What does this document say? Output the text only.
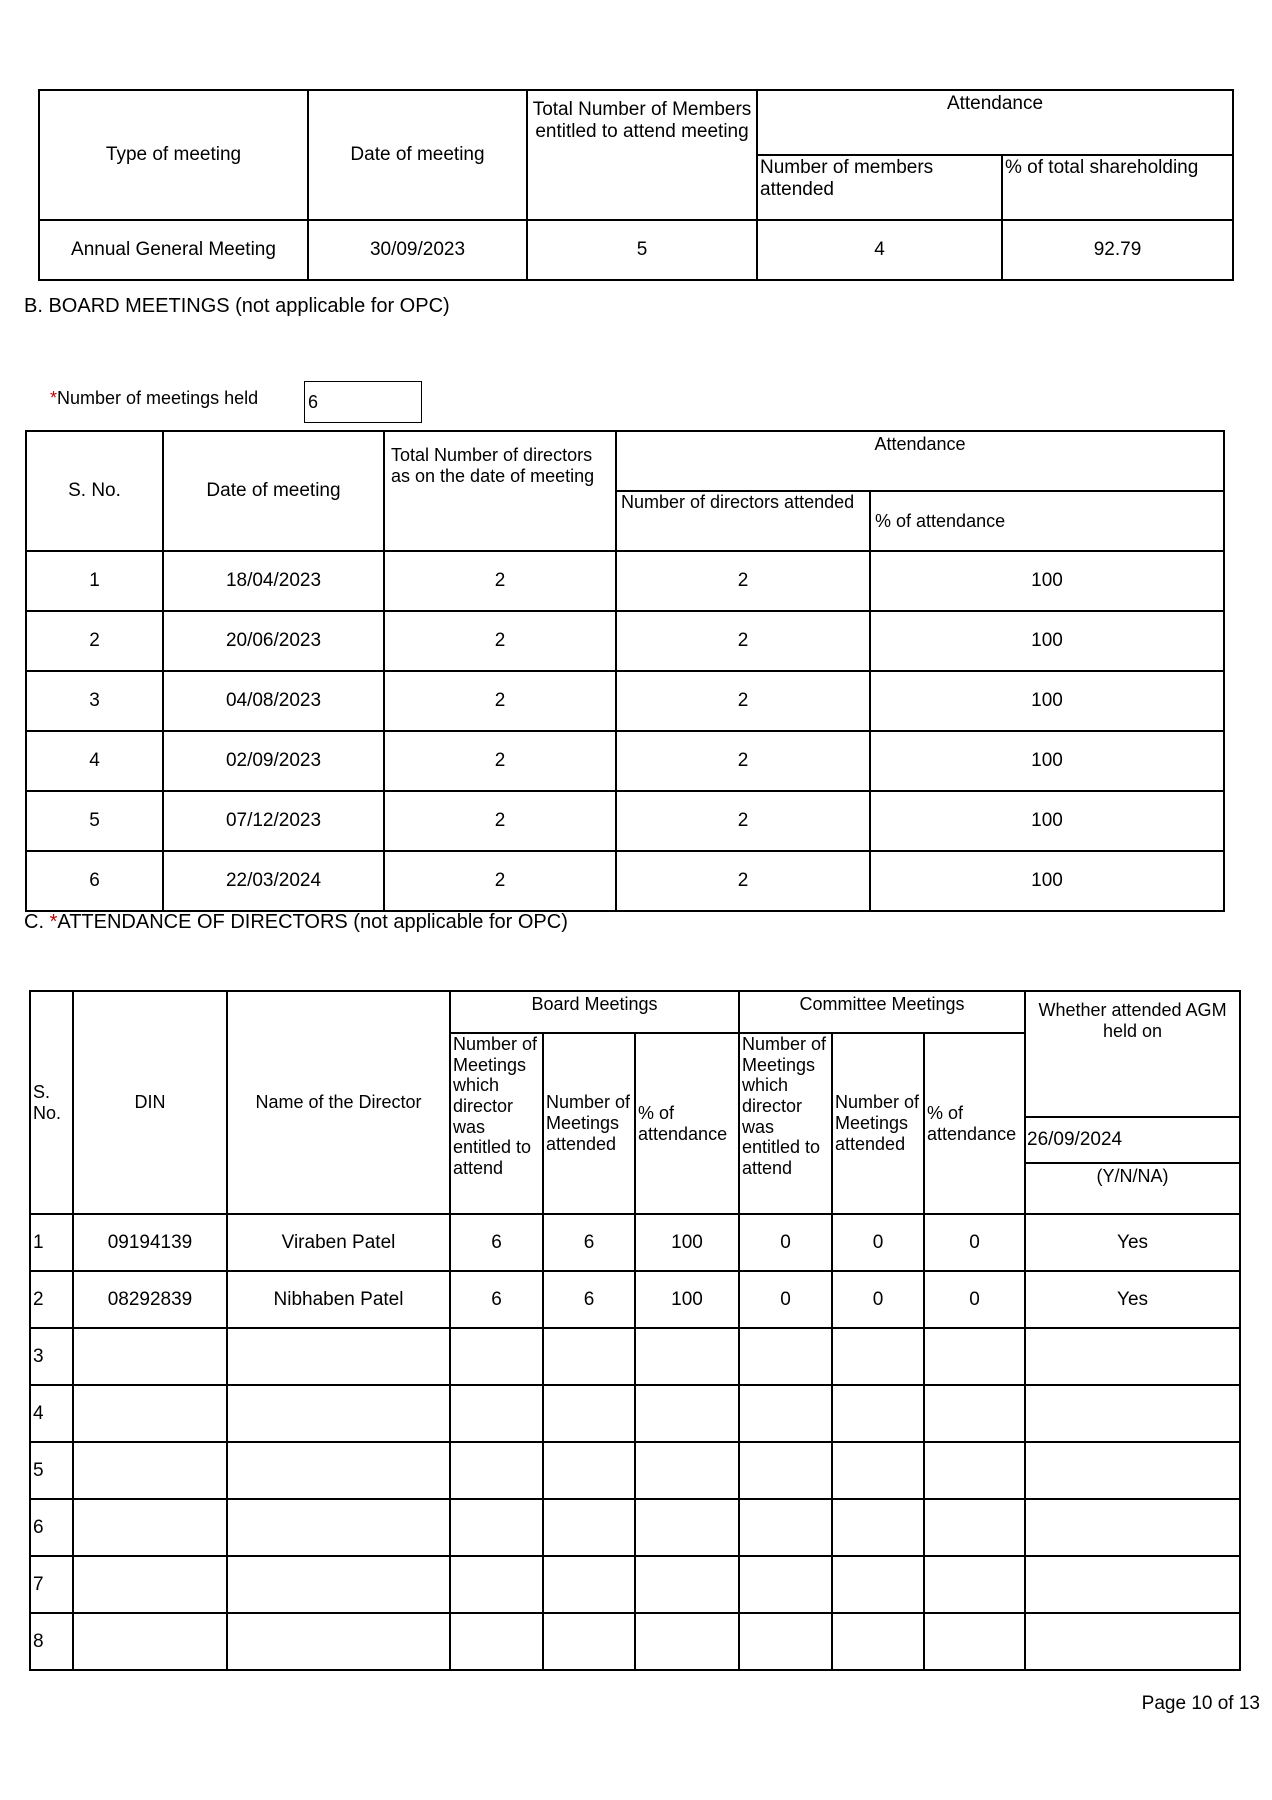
Type of meeting	Date of meeting	Total Number of Members entitled to attend meeting	Attendance	
			Number of members attended	% of total shareholding
Annual General Meeting	30/09/2023	5	4	92.79
B. BOARD MEETINGS (not applicable for OPC)
*Number of meetings held	6
S. No.	Date of meeting	Total Number of directors as on the date of meeting	Attendance	
			Number of directors attended	% of attendance
1	18/04/2023	2	2	100
2	20/06/2023	2	2	100
3	04/08/2023	2	2	100
4	02/09/2023	2	2	100
5	07/12/2023	2	2	100
6	22/03/2024	2	2	100
C. *ATTENDANCE OF DIRECTORS (not applicable for OPC)
S. No.	DIN	Name of the Director	Board Meetings			Committee Meetings			Whether attended AGM held on
			Number of Meetings which director was entitled to attend	Number of Meetings attended	% of attendance	Number of Meetings which director was entitled to attend	Number of Meetings attended	% of attendance	

26/09/2024
(Y/N/NA)

1	09194139	Viraben Patel	6	6	100	0	0	0	Yes
2	08292839	Nibhaben Patel	6	6	100	0	0	0	Yes
3									
4									
5									
6									
7									
8									
Page 10 of 13
